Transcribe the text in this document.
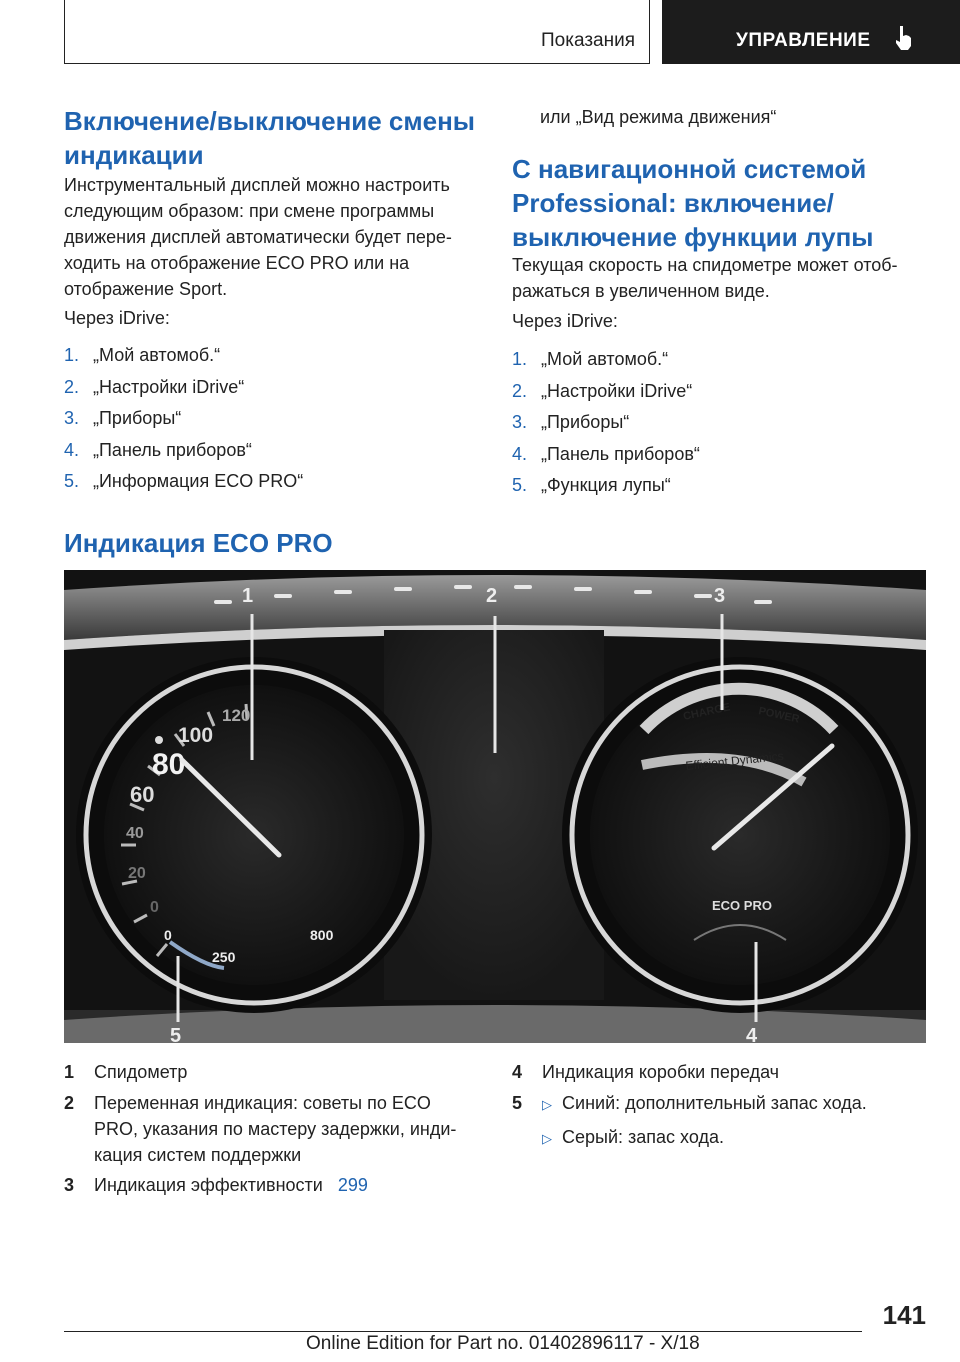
Показания	УПРАВЛЕНИЕ
Включение/выключение смены
индикации
Инструментальный дисплей можно настроить
следующим образом: при смене программы
движения дисплей автоматически будет пере‐
ходить на отображение ECO PRO или на
отображение Sport.
Через iDrive:
1. „Мой автомоб.“
2. „Настройки iDrive“
3. „Приборы“
4. „Панель приборов“
5. „Информация ECO PRO“
или „Вид режима движения“
С навигационной системой
Professional: включение/
выключение функции лупы
Текущая скорость на спидометре может отоб‐
ражаться в увеличенном виде.
Через iDrive:
1. „Мой автомоб.“
2. „Настройки iDrive“
3. „Приборы“
4. „Панель приборов“
5. „Функция лупы“
Индикация ECO PRO
120
100
80
60
40
20
0
0
250
800
CHARGE POWER
Efficient Dynamics
ECO PRO
1	2	3
4
5
1 Спидометр
2 Переменная индикация: советы по ECO
PRO, указания по мастеру задержки, инди‐
кация систем поддержки
3 Индикация эффективности 299
4 Индикация коробки передач
5 ▷ Синий: дополнительный запас хода.
▷ Серый: запас хода.
141
Online Edition for Part no. 01402896117 - X/18
